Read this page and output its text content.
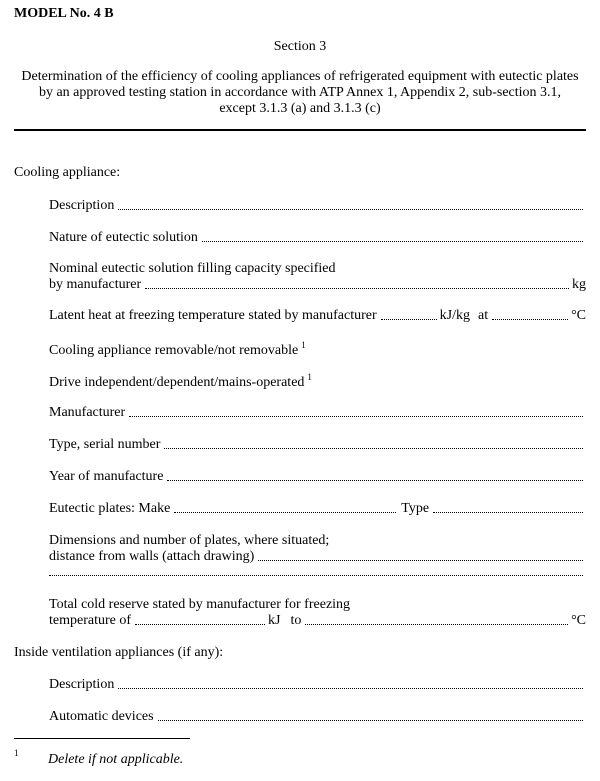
MODEL No. 4 B
Section 3
Determination of the efficiency of cooling appliances of refrigerated equipment with eutectic plates
by an approved testing station in accordance with ATP Annex 1, Appendix 2, sub-section 3.1,
except 3.1.3 (a) and 3.1.3 (c)
Cooling appliance:
Description
Nature of eutectic solution
Nominal eutectic solution filling capacity specified
by manufacturer	kg
Latent heat at freezing temperature stated by manufacturer	kJ/kg at	°C
Cooling appliance removable/not removable $^1$
Drive independent/dependent/mains-operated $^1$
Manufacturer
Type, serial number
Year of manufacture
Eutectic plates: Make	Type
Dimensions and number of plates, where situated;
distance from walls (attach drawing)
Total cold reserve stated by manufacturer for freezing
temperature of	kJ to	°C
Inside ventilation appliances (if any):
Description
Automatic devices
1 Delete if not applicable.
